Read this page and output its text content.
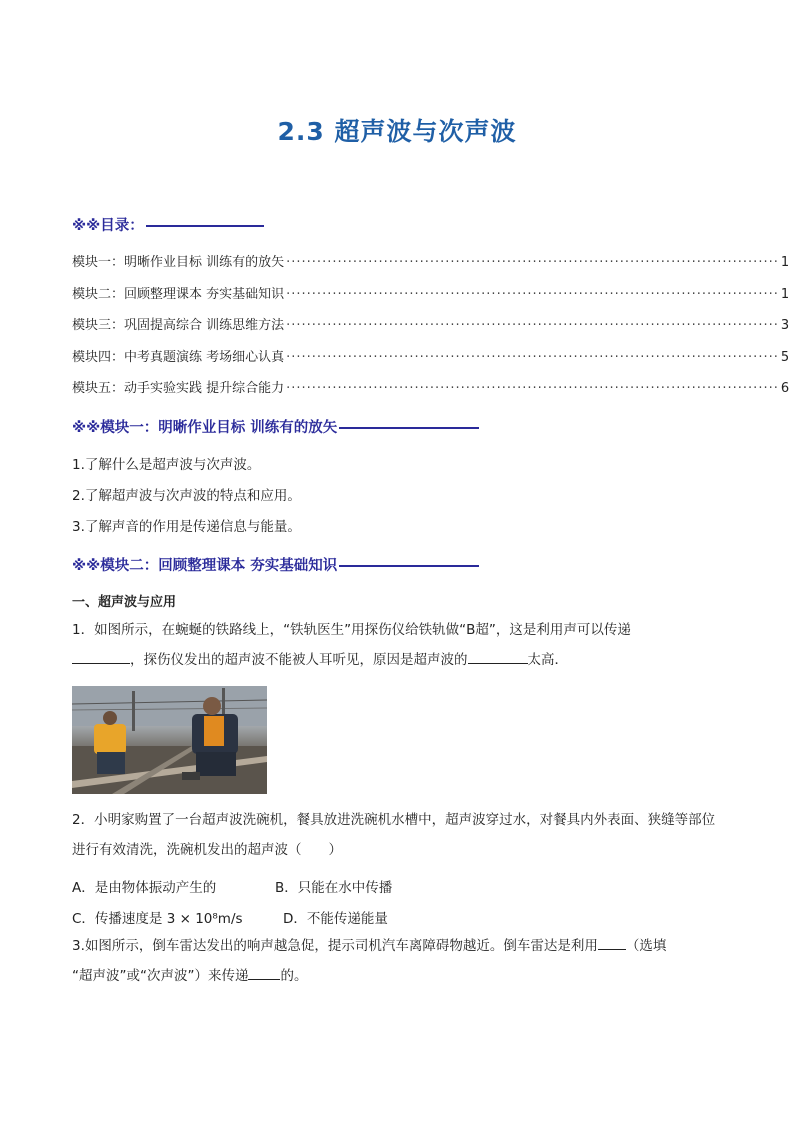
2.3 超声波与次声波
※※目录：
模块一：明晰作业目标 训练有的放矢 ································································································ 1
模块二：回顾整理课本 夯实基础知识 ································································································ 1
模块三：巩固提高综合 训练思维方法 ································································································ 3
模块四：中考真题演练 考场细心认真 ································································································ 5
模块五：动手实验实践 提升综合能力 ································································································ 6
※※模块一：明晰作业目标 训练有的放矢
1.了解什么是超声波与次声波。
2.了解超声波与次声波的特点和应用。
3.了解声音的作用是传递信息与能量。
※※模块二：回顾整理课本 夯实基础知识
一、超声波与应用
1．如图所示，在蜿蜒的铁路线上，“铁轨医生”用探伤仪给铁轨做“B超”，这是利用声可以传递
，探伤仪发出的超声波不能被人耳听见，原因是超声波的	太高．
2．小明家购置了一台超声波洗碗机，餐具放进洗碗机水槽中，超声波穿过水，对餐具内外表面、狭缝等部位进行有效清洗，洗碗机发出的超声波（　　）
A．是由物体振动产生的	B．只能在水中传播
C．传播速度是 3 × 10⁸m/s	D．不能传递能量
3.如图所示，倒车雷达发出的响声越急促，提示司机汽车离障碍物越近。倒车雷达是利用 （选填
“超声波”或“次声波”）来传递 的。
